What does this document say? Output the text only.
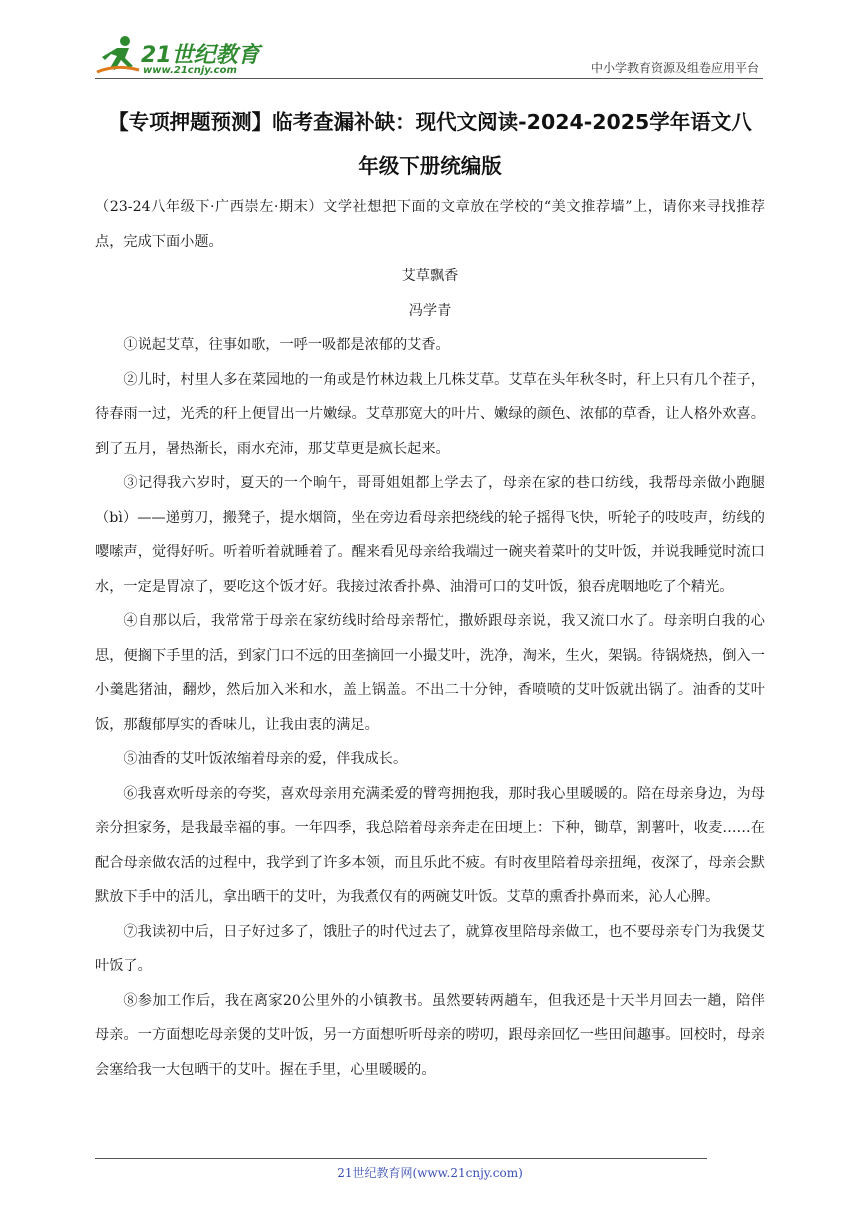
21世纪教育
www.21cnjy.com	中小学教育资源及组卷应用平台
【专项押题预测】临考查漏补缺：现代文阅读-2024-2025学年语文八
年级下册统编版

（23-24八年级下·广西崇左·期末）文学社想把下面的文章放在学校的“美文推荐墙”上，请你来寻找推荐点，完成下面小题。

艾草飘香

冯学青

①说起艾草，往事如歌，一呼一吸都是浓郁的艾香。

②儿时，村里人多在菜园地的一角或是竹林边栽上几株艾草。艾草在头年秋冬时，秆上只有几个茬子，待春雨一过，光秃的秆上便冒出一片嫩绿。艾草那宽大的叶片、嫩绿的颜色、浓郁的草香，让人格外欢喜。到了五月，暑热渐长，雨水充沛，那艾草更是疯长起来。

③记得我六岁时，夏天的一个晌午，哥哥姐姐都上学去了，母亲在家的巷口纺线，我帮母亲做小跑腿（bì）——递剪刀，搬凳子，提水烟筒，坐在旁边看母亲把绕线的轮子摇得飞快，听轮子的吱吱声，纺线的嘤嗦声，觉得好听。听着听着就睡着了。醒来看见母亲给我端过一碗夹着菜叶的艾叶饭，并说我睡觉时流口水，一定是胃凉了，要吃这个饭才好。我接过浓香扑鼻、油滑可口的艾叶饭，狼吞虎咽地吃了个精光。

④自那以后，我常常于母亲在家纺线时给母亲帮忙，撒娇跟母亲说，我又流口水了。母亲明白我的心思，便搁下手里的活，到家门口不远的田垄摘回一小撮艾叶，洗净，淘米，生火，架锅。待锅烧热，倒入一小羹匙猪油，翻炒，然后加入米和水，盖上锅盖。不出二十分钟，香喷喷的艾叶饭就出锅了。油香的艾叶饭，那馥郁厚实的香味儿，让我由衷的满足。

⑤油香的艾叶饭浓缩着母亲的爱，伴我成长。

⑥我喜欢听母亲的夸奖，喜欢母亲用充满柔爱的臂弯拥抱我，那时我心里暖暖的。陪在母亲身边，为母亲分担家务，是我最幸福的事。一年四季，我总陪着母亲奔走在田埂上：下种，锄草，割薯叶，收麦……在配合母亲做农活的过程中，我学到了许多本领，而且乐此不疲。有时夜里陪着母亲扭绳，夜深了，母亲会默默放下手中的活儿，拿出晒干的艾叶，为我煮仅有的两碗艾叶饭。艾草的熏香扑鼻而来，沁人心脾。

⑦我读初中后，日子好过多了，饿肚子的时代过去了，就算夜里陪母亲做工，也不要母亲专门为我煲艾叶饭了。

⑧参加工作后，我在离家20公里外的小镇教书。虽然要转两趟车，但我还是十天半月回去一趟，陪伴母亲。一方面想吃母亲煲的艾叶饭，另一方面想听听母亲的唠叨，跟母亲回忆一些田间趣事。回校时，母亲会塞给我一大包晒干的艾叶。握在手里，心里暖暖的。

21世纪教育网(www.21cnjy.com)
